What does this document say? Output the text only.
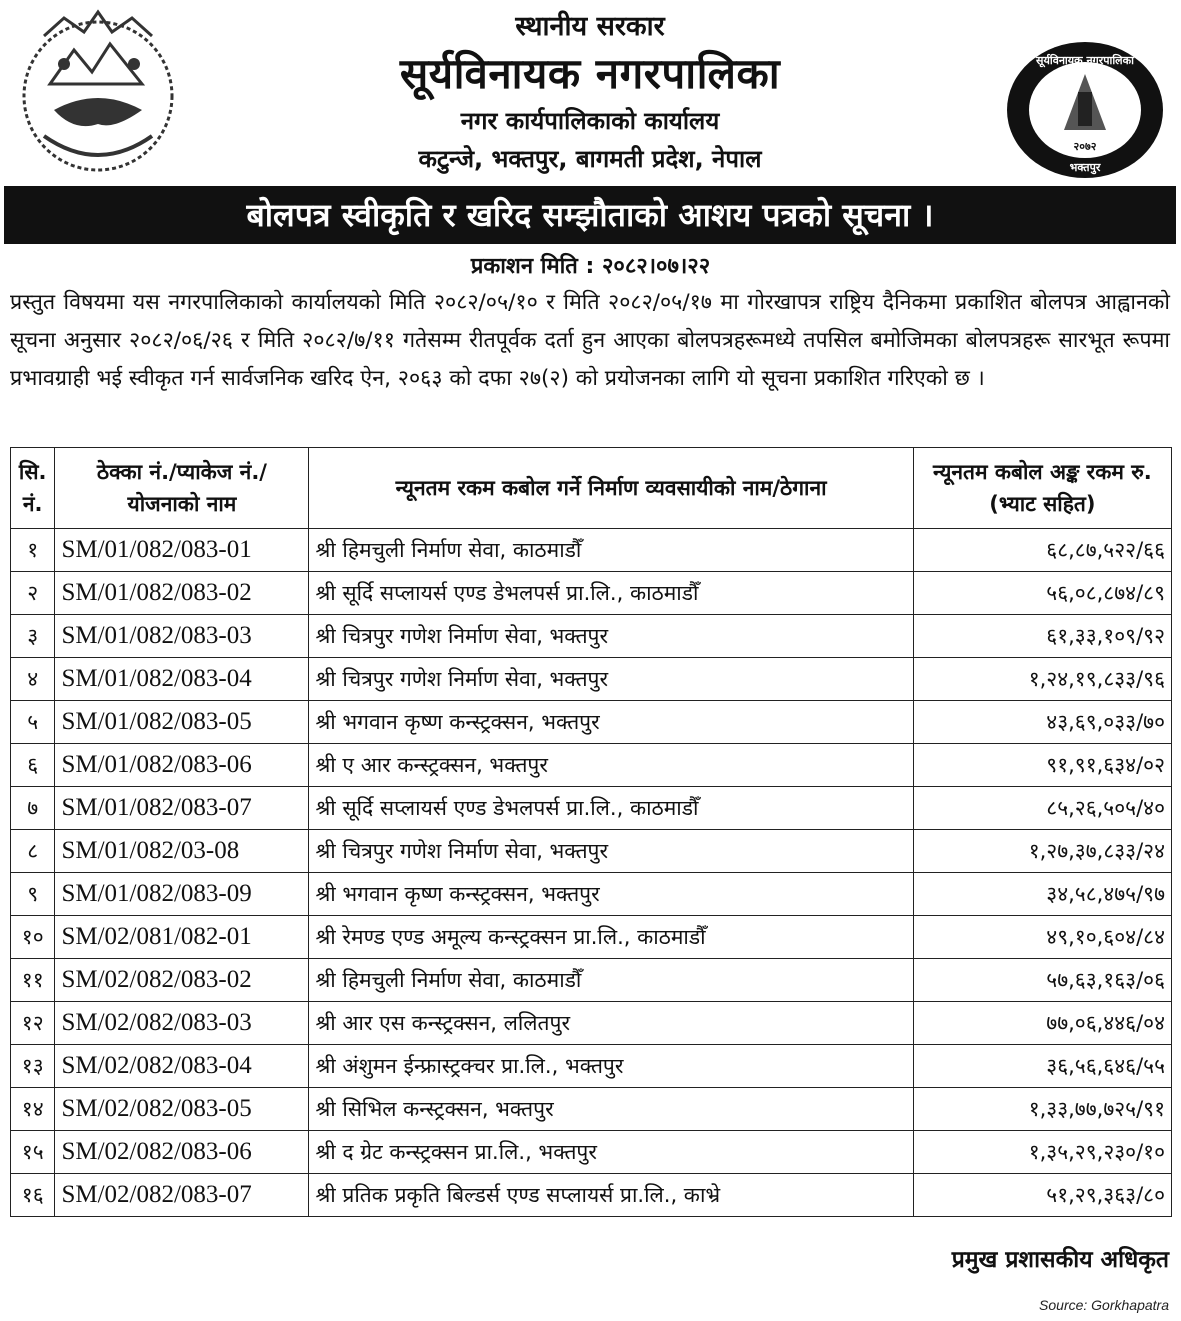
स्थानीय सरकार
सूर्यविनायक नगरपालिका
नगर कार्यपालिकाको कार्यालय
कटुन्जे, भक्तपुर, बागमती प्रदेश, नेपाल
सूर्यविनायक नगरपालिका
२०७२
भक्तपुर
बोलपत्र स्वीकृति र खरिद सम्झौताको आशय पत्रको सूचना ।
प्रकाशन मिति : २०८२।०७।२२
प्रस्तुत विषयमा यस नगरपालिकाको कार्यालयको मिति २०८२/०५/१० र मिति २०८२/०५/१७ मा गोरखापत्र राष्ट्रिय दैनिकमा प्रकाशित बोलपत्र आह्वानको सूचना अनुसार २०८२/०६/२६ र मिति २०८२/७/११ गतेसम्म रीतपूर्वक दर्ता हुन आएका बोलपत्रहरूमध्ये तपसिल बमोजिमका बोलपत्रहरू सारभूत रूपमा प्रभावग्राही भई स्वीकृत गर्न सार्वजनिक खरिद ऐन, २०६३ को दफा २७(२) को प्रयोजनका लागि यो सूचना प्रकाशित गरिएको छ ।
सि. नं.	ठेक्का नं./प्याकेज नं./ योजनाको नाम	न्यूनतम रकम कबोल गर्ने निर्माण व्यवसायीको नाम/ठेगाना	न्यूनतम कबोल अङ्क रकम रु. (भ्याट सहित)
१	SM/01/082/083-01	श्री हिमचुली निर्माण सेवा, काठमाडौँ	६८,८७,५२२/६६
२	SM/01/082/083-02	श्री सूर्दि सप्लायर्स एण्ड डेभलपर्स प्रा.लि., काठमाडौँ	५६,०८,८७४/८९
३	SM/01/082/083-03	श्री चित्रपुर गणेश निर्माण सेवा, भक्तपुर	६१,३३,१०९/९२
४	SM/01/082/083-04	श्री चित्रपुर गणेश निर्माण सेवा, भक्तपुर	१,२४,१९,८३३/९६
५	SM/01/082/083-05	श्री भगवान कृष्ण कन्स्ट्रक्सन, भक्तपुर	४३,६९,०३३/७०
६	SM/01/082/083-06	श्री ए आर कन्स्ट्रक्सन, भक्तपुर	९१,९१,६३४/०२
७	SM/01/082/083-07	श्री सूर्दि सप्लायर्स एण्ड डेभलपर्स प्रा.लि., काठमाडौँ	८५,२६,५०५/४०
८	SM/01/082/03-08	श्री चित्रपुर गणेश निर्माण सेवा, भक्तपुर	१,२७,३७,८३३/२४
९	SM/01/082/083-09	श्री भगवान कृष्ण कन्स्ट्रक्सन, भक्तपुर	३४,५८,४७५/९७
१०	SM/02/081/082-01	श्री रेमण्ड एण्ड अमूल्य कन्स्ट्रक्सन प्रा.लि., काठमाडौँ	४९,१०,६०४/८४
११	SM/02/082/083-02	श्री हिमचुली निर्माण सेवा, काठमाडौँ	५७,६३,१६३/०६
१२	SM/02/082/083-03	श्री आर एस कन्स्ट्रक्सन, ललितपुर	७७,०६,४४६/०४
१३	SM/02/082/083-04	श्री अंशुमन ईन्फ्रास्ट्रक्चर प्रा.लि., भक्तपुर	३६,५६,६४६/५५
१४	SM/02/082/083-05	श्री सिभिल कन्स्ट्रक्सन, भक्तपुर	१,३३,७७,७२५/९१
१५	SM/02/082/083-06	श्री द ग्रेट कन्स्ट्रक्सन प्रा.लि., भक्तपुर	१,३५,२९,२३०/१०
१६	SM/02/082/083-07	श्री प्रतिक प्रकृति बिल्डर्स एण्ड सप्लायर्स प्रा.लि., काभ्रे	५१,२९,३६३/८०
प्रमुख प्रशासकीय अधिकृत
Source: Gorkhapatra
